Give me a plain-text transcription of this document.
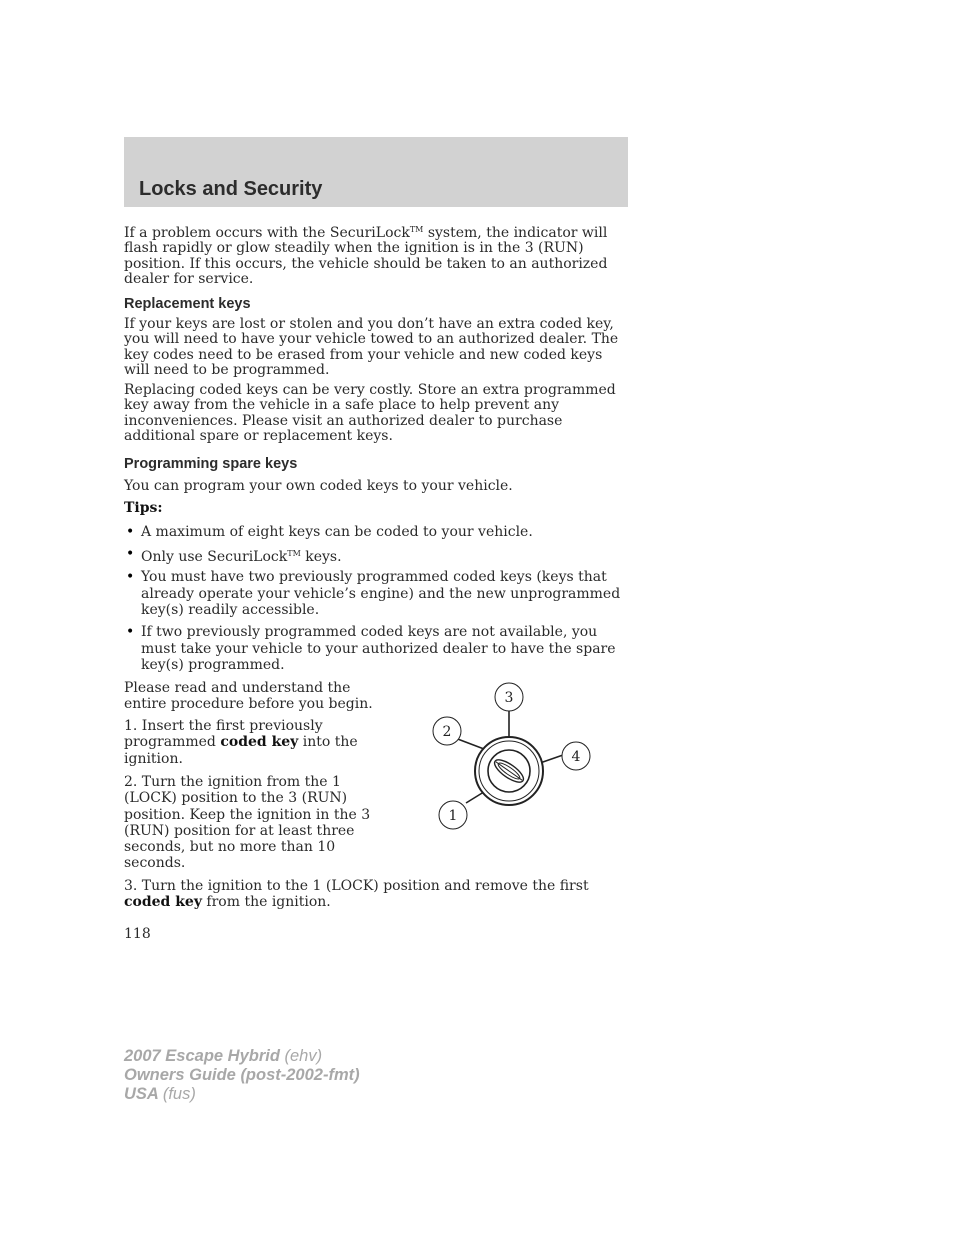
Locks and Security

If a problem occurs with the SecuriLock™ system, the indicator will flash rapidly or glow steadily when the ignition is in the 3 (RUN) position. If this occurs, the vehicle should be taken to an authorized dealer for service.

Replacement keys

If your keys are lost or stolen and you don’t have an extra coded key, you will need to have your vehicle towed to an authorized dealer. The key codes need to be erased from your vehicle and new coded keys will need to be programmed.

Replacing coded keys can be very costly. Store an extra programmed key away from the vehicle in a safe place to help prevent any inconveniences. Please visit an authorized dealer to purchase additional spare or replacement keys.

Programming spare keys

You can program your own coded keys to your vehicle.

Tips:

• A maximum of eight keys can be coded to your vehicle.
• Only use SecuriLock™ keys.
• You must have two previously programmed coded keys (keys that already operate your vehicle’s engine) and the new unprogrammed key(s) readily accessible.
• If two previously programmed coded keys are not available, you must take your vehicle to your authorized dealer to have the spare key(s) programmed.

Please read and understand the entire procedure before you begin.

1. Insert the first previously programmed coded key into the ignition.

2. Turn the ignition from the 1 (LOCK) position to the 3 (RUN) position. Keep the ignition in the 3 (RUN) position for at least three seconds, but no more than 10 seconds.

3. Turn the ignition to the 1 (LOCK) position and remove the first coded key from the ignition.

1
2
3
4
118
2007 Escape Hybrid (ehv)
Owners Guide (post-2002-fmt)
USA (fus)
